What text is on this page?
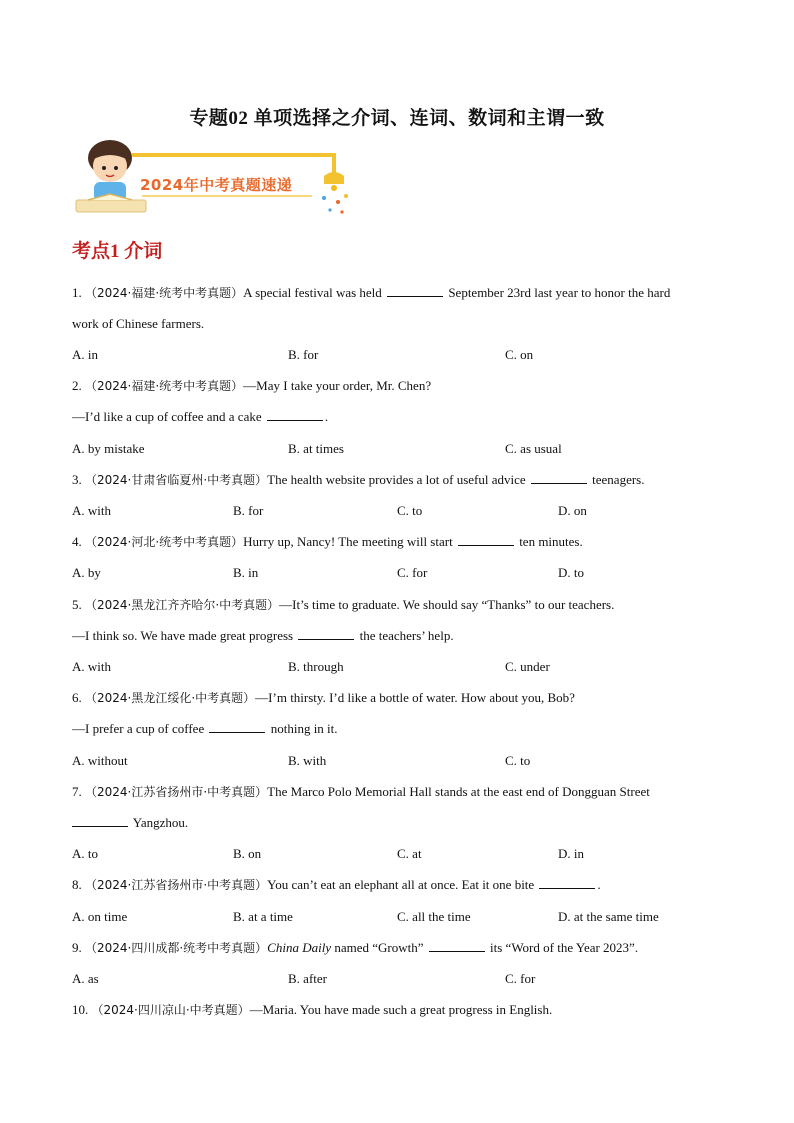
专题02 单项选择之介词、连词、数词和主谓一致
2024年中考真题速递
考点1 介词
1. （2024·福建·统考中考真题）A special festival was held	September 23rd last year to honor the hard
work of Chinese farmers.
A. in	B. for	C. on
2. （2024·福建·统考中考真题）—May I take your order, Mr. Chen?
—I’d like a cup of coffee and a cake	.
A. by mistake	B. at times	C. as usual
3. （2024·甘肃省临夏州·中考真题）The health website provides a lot of useful advice	teenagers.
A. with	B. for	C. to	D. on
4. （2024·河北·统考中考真题）Hurry up, Nancy! The meeting will start	ten minutes.
A. by	B. in	C. for	D. to
5. （2024·黑龙江齐齐哈尔·中考真题）—It’s time to graduate. We should say “Thanks” to our teachers.
—I think so. We have made great progress	the teachers’ help.
A. with	B. through	C. under
6. （2024·黑龙江绥化·中考真题）—I’m thirsty. I’d like a bottle of water. How about you, Bob?
—I prefer a cup of coffee	nothing in it.
A. without	B. with	C. to
7. （2024·江苏省扬州市·中考真题）The Marco Polo Memorial Hall stands at the east end of Dongguan Street
Yangzhou.
A. to	B. on	C. at	D. in
8. （2024·江苏省扬州市·中考真题）You can’t eat an elephant all at once. Eat it one bite	.
A. on time	B. at a time	C. all the time	D. at the same time
9. （2024·四川成都·统考中考真题）China Daily named “Growth”	its “Word of the Year 2023”.
A. as	B. after	C. for
10. （2024·四川凉山·中考真题）—Maria. You have made such a great progress in English.
